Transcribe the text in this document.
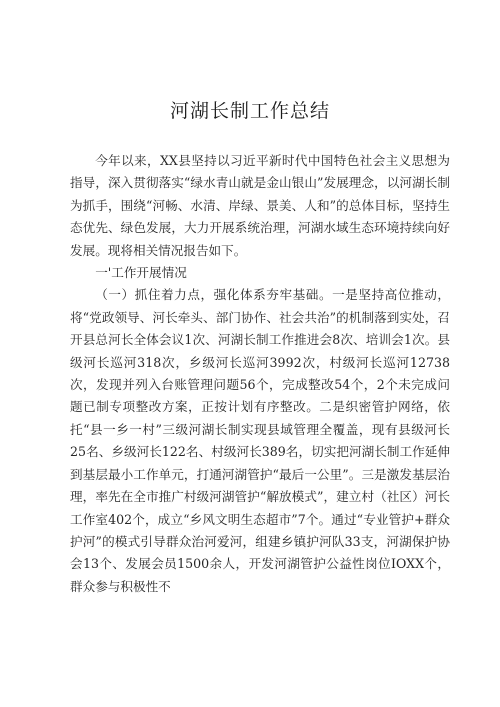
河湖长制工作总结

今年以来，XX县坚持以习近平新时代中国特色社会主义思想为指导，深入贯彻落实“绿水青山就是金山银山”发展理念，以河湖长制为抓手，围绕“河畅、水清、岸绿、景美、人和”的总体目标，坚持生态优先、绿色发展，大力开展系统治理，河湖水域生态环境持续向好发展。现将相关情况报告如下。

一'工作开展情况

（一）抓住着力点，强化体系夯牢基础。一是坚持高位推动，将“党政领导、河长牵头、部门协作、社会共治”的机制落到实处，召开县总河长全体会议1次、河湖长制工作推进会8次、培训会1次。县级河长巡河318次，乡级河长巡河3992次，村级河长巡河12738次，发现并列入台账管理问题56个，完成整改54个，2个未完成问题已制专项整改方案，正按计划有序整改。二是织密管护网络，依托“县一乡一村”三级河湖长制实现县域管理全覆盖，现有县级河长25名、乡级河长122名、村级河长389名，切实把河湖长制工作延伸到基层最小工作单元，打通河湖管护“最后一公里”。三是激发基层治理，率先在全市推广村级河湖管护“解放模式”，建立村（社区）河长工作室402个，成立“乡风文明生态超市”7个。通过“专业管护+群众护河”的模式引导群众治河爱河，组建乡镇护河队33支，河湖保护协会13个、发展会员1500余人，开发河湖管护公益性岗位IOXX个，群众参与积极性不
